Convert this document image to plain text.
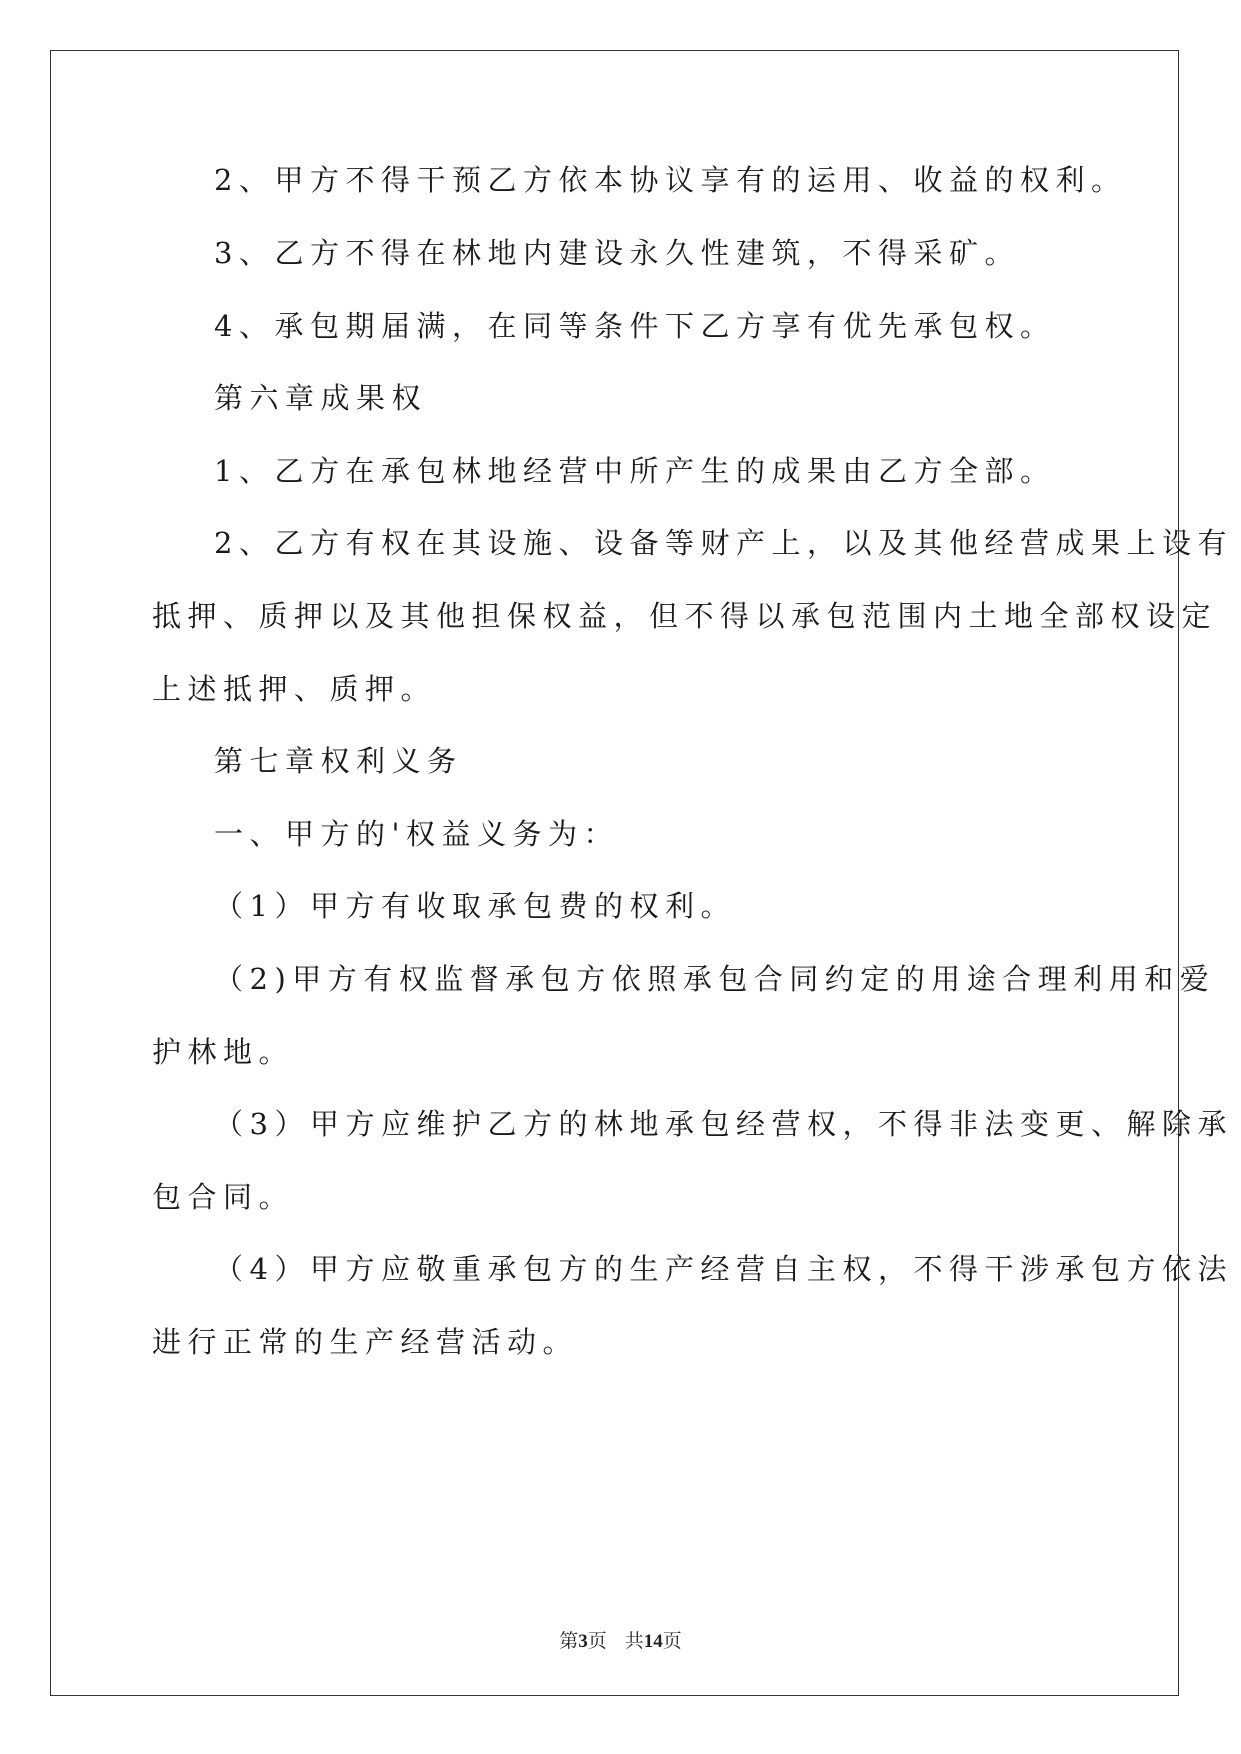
2、甲方不得干预乙方依本协议享有的运用、收益的权利。
3、乙方不得在林地内建设永久性建筑，不得采矿。
4、承包期届满，在同等条件下乙方享有优先承包权。
第六章成果权
1、乙方在承包林地经营中所产生的成果由乙方全部。
2、乙方有权在其设施、设备等财产上，以及其他经营成果上设有
抵押、质押以及其他担保权益，但不得以承包范围内土地全部权设定
上述抵押、质押。
第七章权利义务
一、甲方的'权益义务为：
（1）甲方有收取承包费的权利。
（2)甲方有权监督承包方依照承包合同约定的用途合理利用和爱
护林地。
（3）甲方应维护乙方的林地承包经营权，不得非法变更、解除承
包合同。
（4）甲方应敬重承包方的生产经营自主权，不得干涉承包方依法
进行正常的生产经营活动。
第3页 共14页
